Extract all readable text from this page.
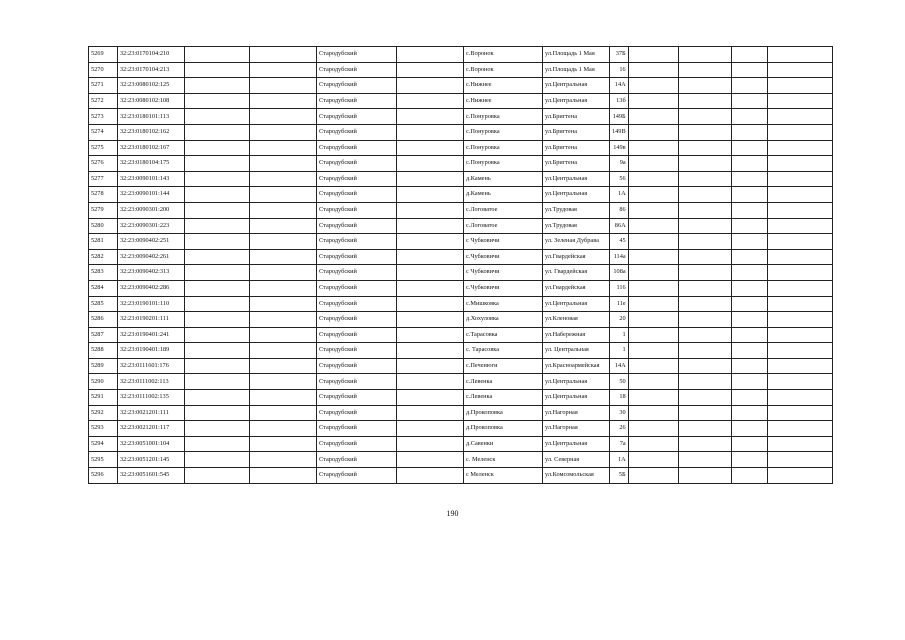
5269	32:23:0170104:210			Стародубский		с.Воронок	ул.Площадь 1 Мая	37Б				
5270	32:23:0170104:213			Стародубский		с.Воронок	ул.Площадь 1 Мая	16				
5271	32:23:0080102:125			Стародубский		с.Нижнее	ул.Центральная	14А				
5272	32:23:0080102:108			Стародубский		с.Нижнее	ул.Центральная	13б				
5273	32:23:0180101:113			Стародубский		с.Понуровка	ул.Бригтена	149Б				
5274	32:23:0180102:162			Стародубский		с.Понуровка	ул.Бригтена	149В				
5275	32:23:0180102:167			Стародубский		с.Понуровка	ул.Бригтена	149в				
5276	32:23:0180104:175			Стародубский		с.Понуровка	ул.Бригтена	9а				
5277	32:23:0090101:143			Стародубский		д.Камень	ул.Центральная	56				
5278	32:23:0090101:144			Стародубский		д.Камень	ул.Центральная	1А				
5279	32:23:0090301:200			Стародубский		с.Логоватое	ул.Трудовая	86				
5280	32:23:0090301:223			Стародубский		с.Логоватое	ул.Трудовая	86А				
5281	32:23:0090402:251			Стародубский		с Чубковичи	ул. Зеленая Дубрава	45				
5282	32:23:0090402:261			Стародубский		с.Чубковичи	ул.Гвардейская	114а				
5283	32:23:0090402:313			Стародубский		с Чубковичи	ул. Гвардейская	108а				
5284	32:23:0090402:286			Стародубский		с.Чубковичи	ул.Гвардейская	116				
5285	32:23:0190101:110			Стародубский		с.Мишковка	ул.Центральная	11е				
5286	32:23:0190201:111			Стародубский		д.Хохуловка	ул.Кленовая	20				
5287	32:23:0190401:241			Стародубский		с.Тарасовка	ул.Набережная	1				
5288	32:23:0190401:189			Стародубский		с. Тарасовка	ул. Центральная	1				
5289	32:23:0111601:176			Стародубский		с.Печенюги	ул.Красноармейская	14А				
5290	32:23:0111002:113			Стародубский		с.Левенка	ул.Центральная	50				
5291	32:23:0111002:135			Стародубский		с.Левенка	ул.Центральная	18				
5292	32:23:0021201:111			Стародубский		д.Прокоповка	ул.Нагорная	30				
5293	32:23:0021201:117			Стародубский		д.Прокоповка	ул.Нагорная	26				
5294	32:23:0051001:104			Стародубский		д.Савенки	ул.Центральная	7а				
5295	32:23:0051201:145			Стародубский		с. Меленск	ул. Северная	1А				
5296	32:23:0051601:545			Стародубский		с Меленск	ул.Комсомольская	5Б				
190
